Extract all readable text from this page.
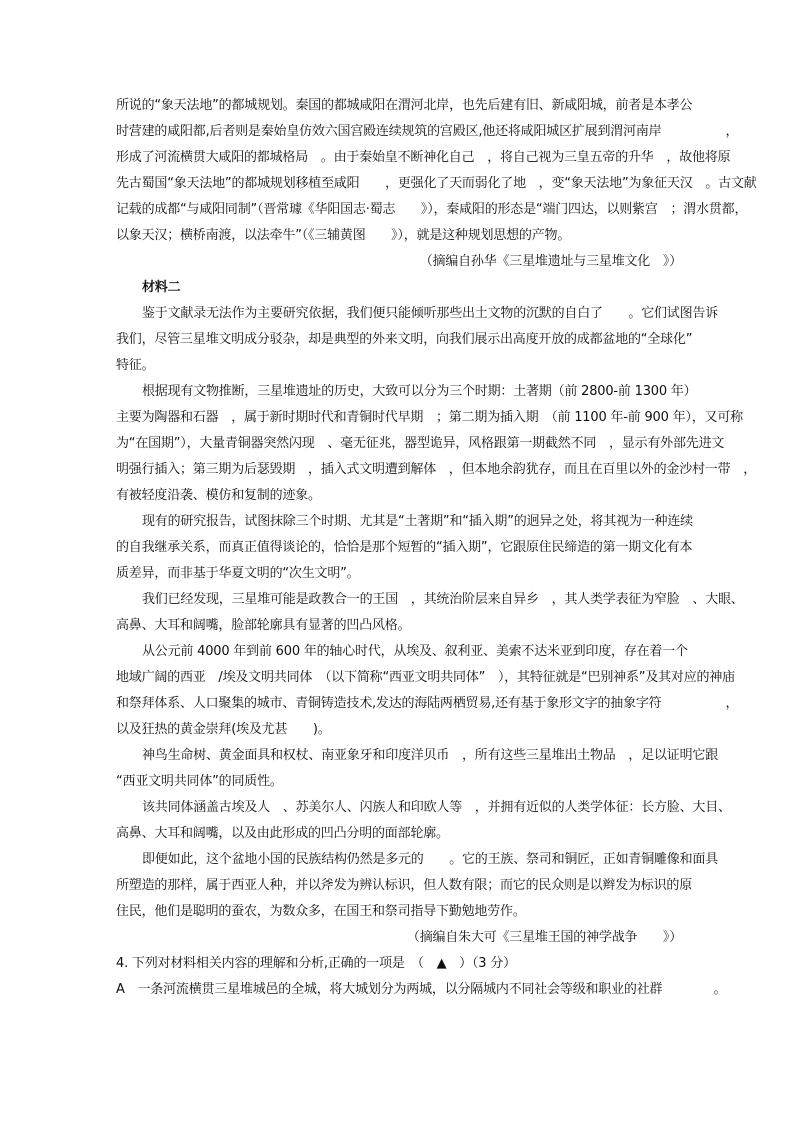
所说的“象天法地”的都城规划。秦国的都城咸阳在渭河北岸，也先后建有旧、新咸阳城，前者是本孝公
时营建的咸阳都,后者则是秦始皇仿效六国宫殿连续规筑的宫殿区,他还将咸阳城区扩展到渭河南岸　　　　　，
形成了河流横贯大咸阳的都城格局　。由于秦始皇不断神化自己　，将自己视为三皇五帝的升华　，故他将原
先古蜀国“象天法地”的都城规划移植至咸阳　　，更强化了天而弱化了地　，变“象天法地”为象征天汉　。古文献
记载的成都“与咸阳同制”（晋常璩《华阳国志·蜀志　　》），秦咸阳的形态是“端门四达，以则紫宫　；渭水贯都，
以象天汉；横桥南渡，以法牵牛”（《三辅黄图　　》），就是这种规划思想的产物。
（摘编自孙华《三星堆遗址与三星堆文化　》）
材料二
鉴于文献录无法作为主要研究依据，我们便只能倾听那些出土文物的沉默的自白了　　。它们试图告诉
我们，尽管三星堆文明成分驳杂，却是典型的外来文明，向我们展示出高度开放的成都盆地的“全球化”
特征。
根据现有文物推断，三星堆遗址的历史，大致可以分为三个时期：土著期（前 2800-前 1300 年）
主要为陶器和石器　，属于新时期时代和青铜时代早期　；第二期为插入期　（前 1100 年-前 900 年），又可称
为“在国期”），大量青铜器突然闪现　、毫无征兆，器型诡异，风格跟第一期截然不同　，显示有外部先进文
明强行插入；第三期为后瑟毁期　，插入式文明遭到解体　，但本地余韵犹存，而且在百里以外的金沙村一带　，
有被轻度沿袭、模仿和复制的迹象。
现有的研究报告，试图抹除三个时期、尤其是“土著期”和“插入期”的迥异之处，将其视为一种连续
的自我继承关系，而真正值得谈论的，恰恰是那个短暂的“插入期”，它跟原住民缔造的第一期文化有本
质差异，而非基于华夏文明的“次生文明”。
我们已经发现，三星堆可能是政教合一的王国　，其统治阶层来自异乡　，其人类学表征为窄脸　、大眼、
高鼻、大耳和阔嘴，脸部轮廓具有显著的凹凸风格。
从公元前 4000 年到前 600 年的轴心时代，从埃及、叙利亚、美索不达米亚到印度，存在着一个
地域广阔的西亚　/埃及文明共同体　（以下简称“西亚文明共同体”　），其特征就是“巴别神系”及其对应的神庙
和祭拜体系、人口聚集的城市、青铜铸造技术,发达的海陆两栖贸易,还有基于象形文字的抽象字符　　　　　，
以及狂热的黄金崇拜(埃及尤甚　　)。
神鸟生命树、黄金面具和权杖、南亚象牙和印度洋贝币　，所有这些三星堆出土物品　，足以证明它跟
“西亚文明共同体”的同质性。
该共同体涵盖古埃及人　、苏美尔人、闪族人和印欧人等　，并拥有近似的人类学体征：长方脸、大目、
高鼻、大耳和阔嘴，以及由此形成的凹凸分明的面部轮廓。
即便如此，这个盆地小国的民族结构仍然是多元的　　。它的王族、祭司和铜匠，正如青铜雕像和面具
所塑造的那样，属于西亚人种，并以斧发为辨认标识，但人数有限；而它的民众则是以辫发为标识的原
住民，他们是聪明的蚕农，为数众多，在国王和祭司指导下勤勉地劳作。
（摘编自朱大可《三星堆王国的神学战争　　》）
4. 下列对材料相关内容的理解和分析,正确的一项是　（　▲　）（3 分）
A　一条河流横贯三星堆城邑的全城，将大城划分为两城，以分隔城内不同社会等级和职业的社群　　　　。
